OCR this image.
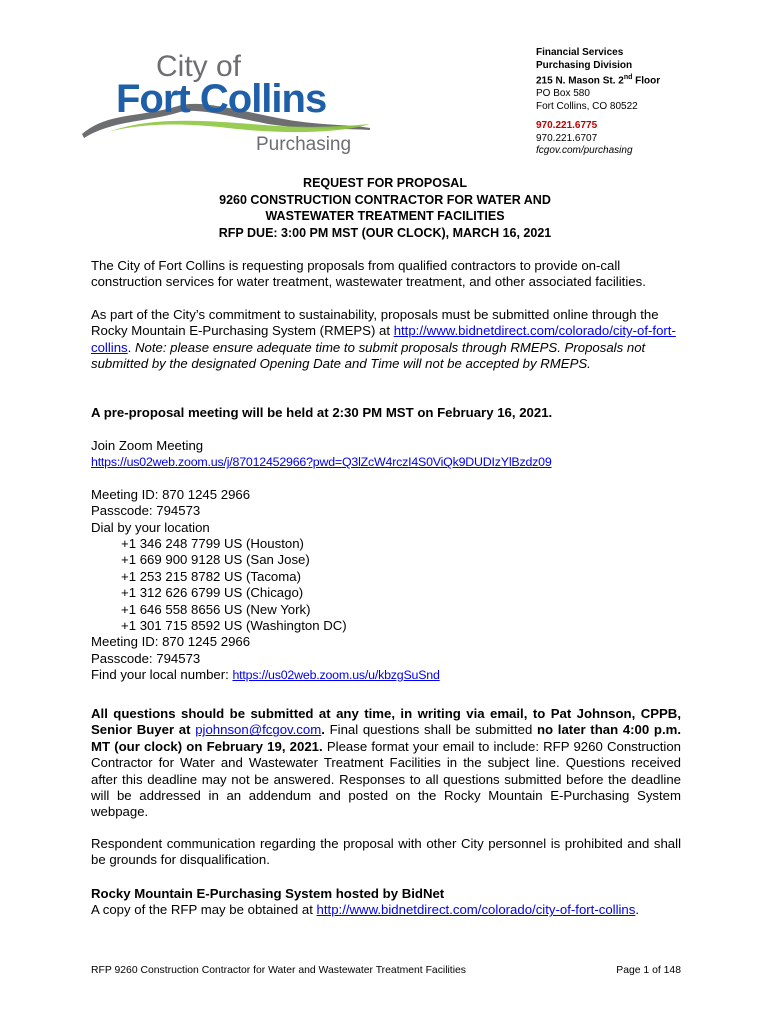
City of
Fort Collins
Purchasing
Financial Services
Purchasing Division
215 N. Mason St. 2nd Floor
PO Box 580
Fort Collins, CO 80522
970.221.6775
970.221.6707
fcgov.com/purchasing
REQUEST FOR PROPOSAL
9260 CONSTRUCTION CONTRACTOR FOR WATER AND
WASTEWATER TREATMENT FACILITIES
RFP DUE: 3:00 PM MST (OUR CLOCK), MARCH 16, 2021
The City of Fort Collins is requesting proposals from qualified contractors to provide on-call construction services for water treatment, wastewater treatment, and other associated facilities.
As part of the City’s commitment to sustainability, proposals must be submitted online through the Rocky Mountain E-Purchasing System (RMEPS) at http://www.bidnetdirect.com/colorado/city-of-fort-collins. Note: please ensure adequate time to submit proposals through RMEPS. Proposals not submitted by the designated Opening Date and Time will not be accepted by RMEPS.
A pre-proposal meeting will be held at 2:30 PM MST on February 16, 2021.
Join Zoom Meeting
https://us02web.zoom.us/j/87012452966?pwd=Q3lZcW4rczI4S0ViQk9DUDIzYlBzdz09
Meeting ID: 870 1245 2966
Passcode: 794573
Dial by your location
+1 346 248 7799 US (Houston)
+1 669 900 9128 US (San Jose)
+1 253 215 8782 US (Tacoma)
+1 312 626 6799 US (Chicago)
+1 646 558 8656 US (New York)
+1 301 715 8592 US (Washington DC)
Meeting ID: 870 1245 2966
Passcode: 794573
Find your local number: https://us02web.zoom.us/u/kbzgSuSnd
All questions should be submitted at any time, in writing via email, to Pat Johnson, CPPB, Senior Buyer at pjohnson@fcgov.com. Final questions shall be submitted no later than 4:00 p.m. MT (our clock) on February 19, 2021. Please format your email to include: RFP 9260 Construction Contractor for Water and Wastewater Treatment Facilities in the subject line. Questions received after this deadline may not be answered. Responses to all questions submitted before the deadline will be addressed in an addendum and posted on the Rocky Mountain E-Purchasing System webpage.
Respondent communication regarding the proposal with other City personnel is prohibited and shall be grounds for disqualification.
Rocky Mountain E-Purchasing System hosted by BidNet
A copy of the RFP may be obtained at http://www.bidnetdirect.com/colorado/city-of-fort-collins.
RFP 9260 Construction Contractor for Water and Wastewater Treatment Facilities	Page 1 of 148
